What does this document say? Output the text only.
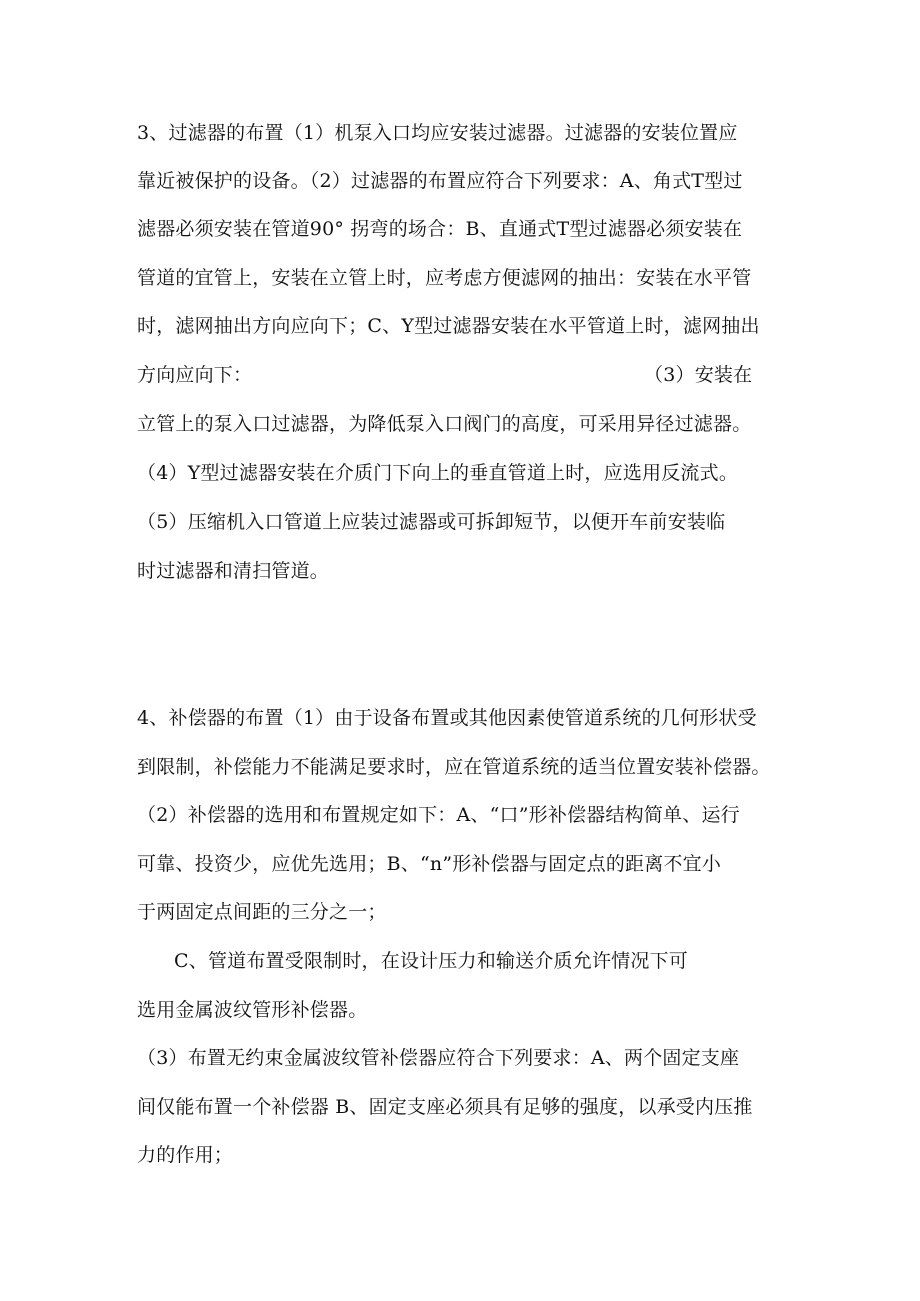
3、过滤器的布置（1）机泵入口均应安装过滤器。过滤器的安装位置应
靠近被保护的设备。（2）过滤器的布置应符合下列要求：A、角式T型过
滤器必须安装在管道90° 拐弯的场合：B、直通式T型过滤器必须安装在
管道的宜管上，安装在立管上时，应考虑方便滤网的抽出：安装在水平管
时，滤网抽出方向应向下；C、Y型过滤器安装在水平管道上时，滤网抽出
方向应向下：	（3）安装在
立管上的泵入口过滤器，为降低泵入口阀门的高度，可采用异径过滤器。
（4）Y型过滤器安装在介质门下向上的垂直管道上时，应选用反流式。
（5）压缩机入口管道上应装过滤器或可拆卸短节，以便开车前安装临
时过滤器和清扫管道。
4、补偿器的布置（1）由于设备布置或其他因素使管道系统的几何形状受
到限制，补偿能力不能满足要求时，应在管道系统的适当位置安装补偿器。
（2）补偿器的选用和布置规定如下：A、“口”形补偿器结构简单、运行
可靠、投资少，应优先选用；B、“n”形补偿器与固定点的距离不宜小
于两固定点间距的三分之一；
C、管道布置受限制时，在设计压力和输送介质允许情况下可
选用金属波纹管形补偿器。
（3）布置无约束金属波纹管补偿器应符合下列要求：A、两个固定支座
间仅能布置一个补偿器 B、固定支座必须具有足够的强度，以承受内压推
力的作用；
